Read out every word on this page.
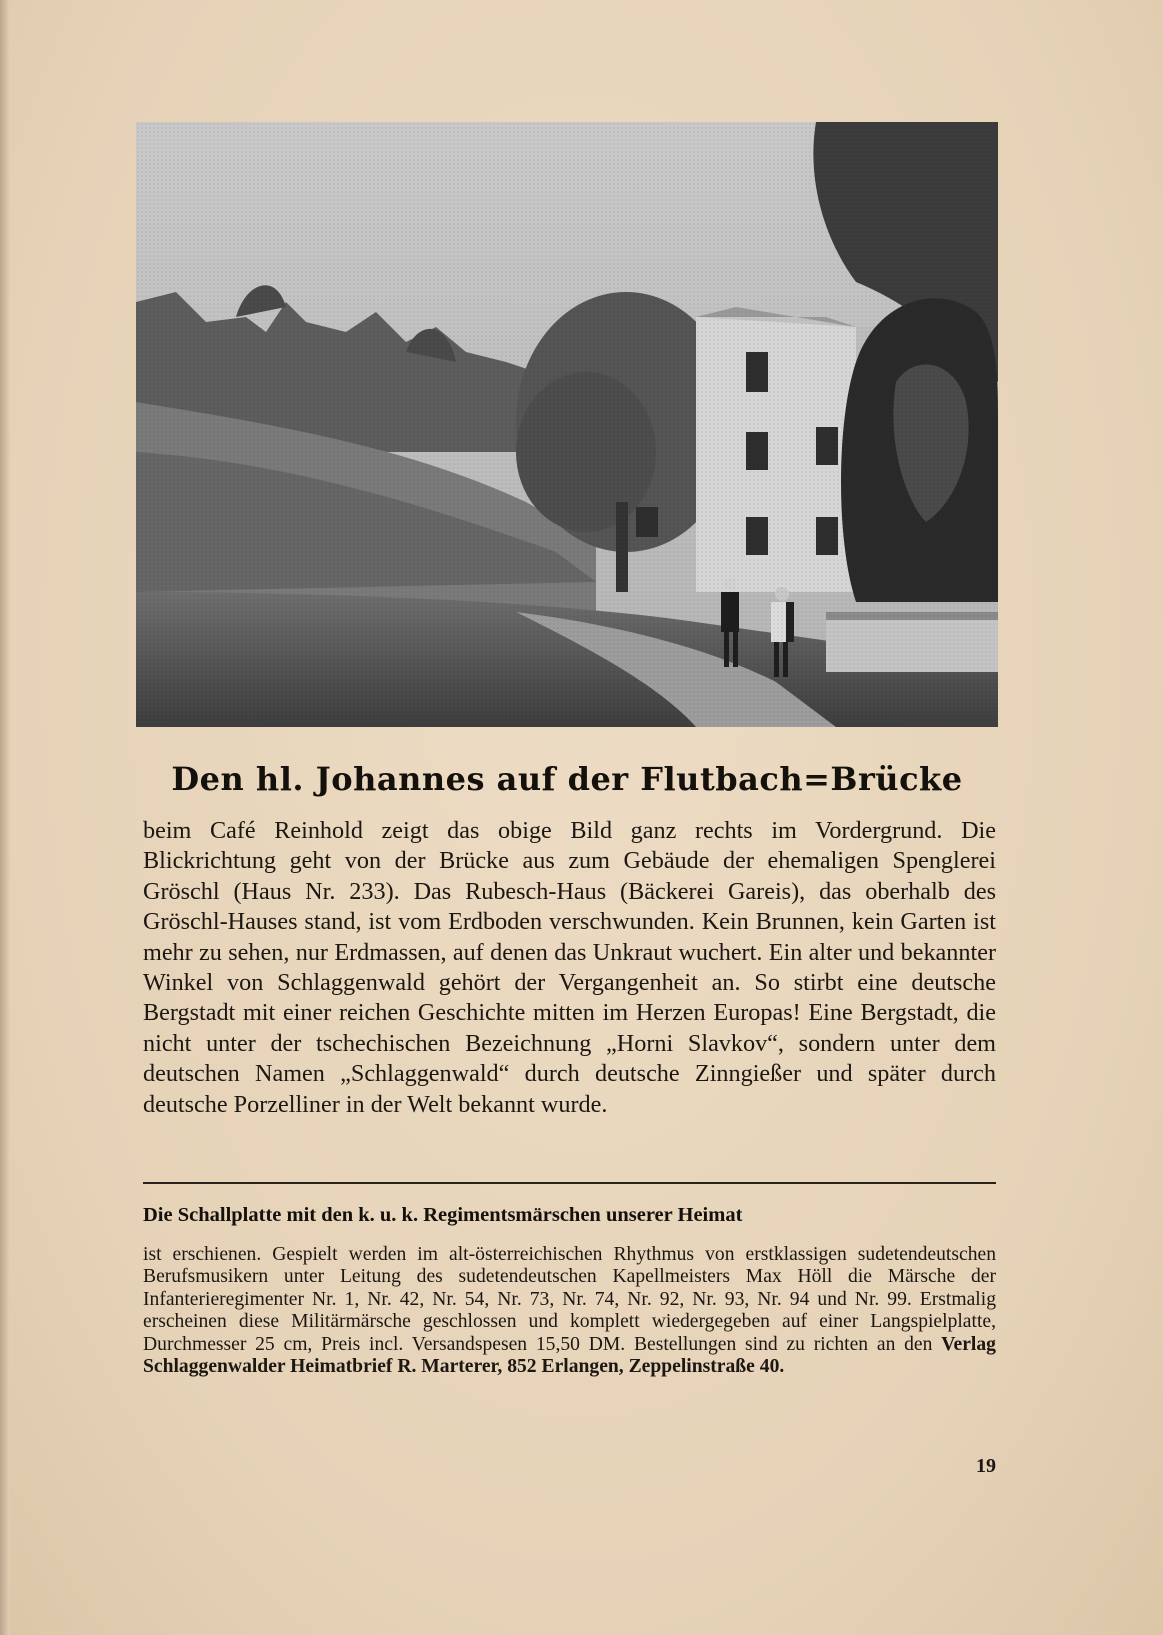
Den hl. Johannes auf der Flutbach=Brücke

beim Café Reinhold zeigt das obige Bild ganz rechts im Vordergrund. Die Blickrichtung geht von der Brücke aus zum Gebäude der ehemaligen Spenglerei Gröschl (Haus Nr. 233). Das Rubesch-Haus (Bäckerei Gareis), das oberhalb des Gröschl-Hauses stand, ist vom Erdboden verschwunden. Kein Brunnen, kein Garten ist mehr zu sehen, nur Erdmassen, auf denen das Unkraut wuchert. Ein alter und bekannter Winkel von Schlaggenwald gehört der Vergangenheit an. So stirbt eine deutsche Bergstadt mit einer reichen Geschichte mitten im Herzen Europas! Eine Bergstadt, die nicht unter der tschechischen Bezeichnung „Horni Slavkov“, sondern unter dem deutschen Namen „Schlaggenwald“ durch deutsche Zinngießer und später durch deutsche Porzelliner in der Welt bekannt wurde.

Die Schallplatte mit den k. u. k. Regimentsmärschen unserer Heimat

ist erschienen. Gespielt werden im alt-österreichischen Rhythmus von erstklassigen sudetendeutschen Berufsmusikern unter Leitung des sudetendeutschen Kapellmeisters Max Höll die Märsche der Infanterieregimenter Nr. 1, Nr. 42, Nr. 54, Nr. 73, Nr. 74, Nr. 92, Nr. 93, Nr. 94 und Nr. 99. Erstmalig erscheinen diese Militärmärsche geschlossen und komplett wiedergegeben auf einer Langspielplatte, Durchmesser 25 cm, Preis incl. Versandspesen 15,50 DM. Bestellungen sind zu richten an den Verlag Schlaggenwalder Heimatbrief R. Marterer, 852 Erlangen, Zeppelinstraße 40.

19
